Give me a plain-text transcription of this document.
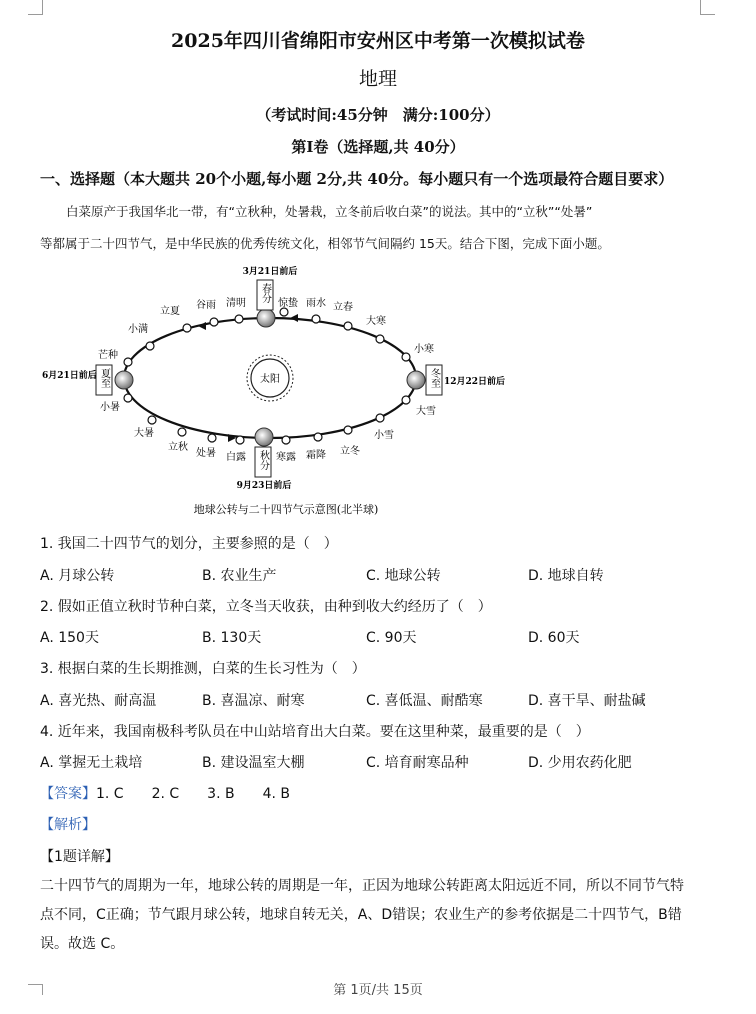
2025年四川省绵阳市安州区中考第一次模拟试卷
地理
（考试时间:45分钟　满分:100分）
第Ⅰ卷（选择题,共 40分）
一、选择题（本大题共 20个小题,每小题 2分,共 40分。每小题只有一个选项最符合题目要求）
白菜原产于我国华北一带，有“立秋种，处暑栽，立冬前后收白菜”的说法。其中的“立秋”“处暑”
等都属于二十四节气，是中华民族的优秀传统文化，相邻节气间隔约 15天。结合下图，完成下面小题。
太阳
春分
秋分
夏至	冬至
3月21日前后
6月21日前后
9月23日前后
12月22日前后
立夏
谷雨 清明	惊蛰 雨水 立春
大寒
小寒
小满
芒种
小暑
大暑
立秋
处暑 白露	寒露 霜降 立冬
小雪
大雪
地球公转与二十四节气示意图(北半球)
1. 我国二十四节气的划分，主要参照的是（　）
A. 月球公转	B. 农业生产	C. 地球公转	D. 地球自转
2. 假如正值立秋时节种白菜，立冬当天收获，由种到收大约经历了（　）
A. 150天	B. 130天	C. 90天	D. 60天
3. 根据白菜的生长期推测，白菜的生长习性为（　）
A. 喜光热、耐高温	B. 喜温凉、耐寒	C. 喜低温、耐酷寒	D. 喜干旱、耐盐碱
4. 近年来，我国南极科考队员在中山站培育出大白菜。要在这里种菜，最重要的是（　）
A. 掌握无土栽培	B. 建设温室大棚	C. 培育耐寒品种	D. 少用农药化肥
【答案】1. C　　2. C　　3. B　　4. B
【解析】
【1题详解】
二十四节气的周期为一年，地球公转的周期是一年，正因为地球公转距离太阳远近不同，所以不同节气特
点不同，C正确；节气跟月球公转，地球自转无关，A、D错误；农业生产的参考依据是二十四节气，B错
误。故选 C。
第 1页/共 15页
